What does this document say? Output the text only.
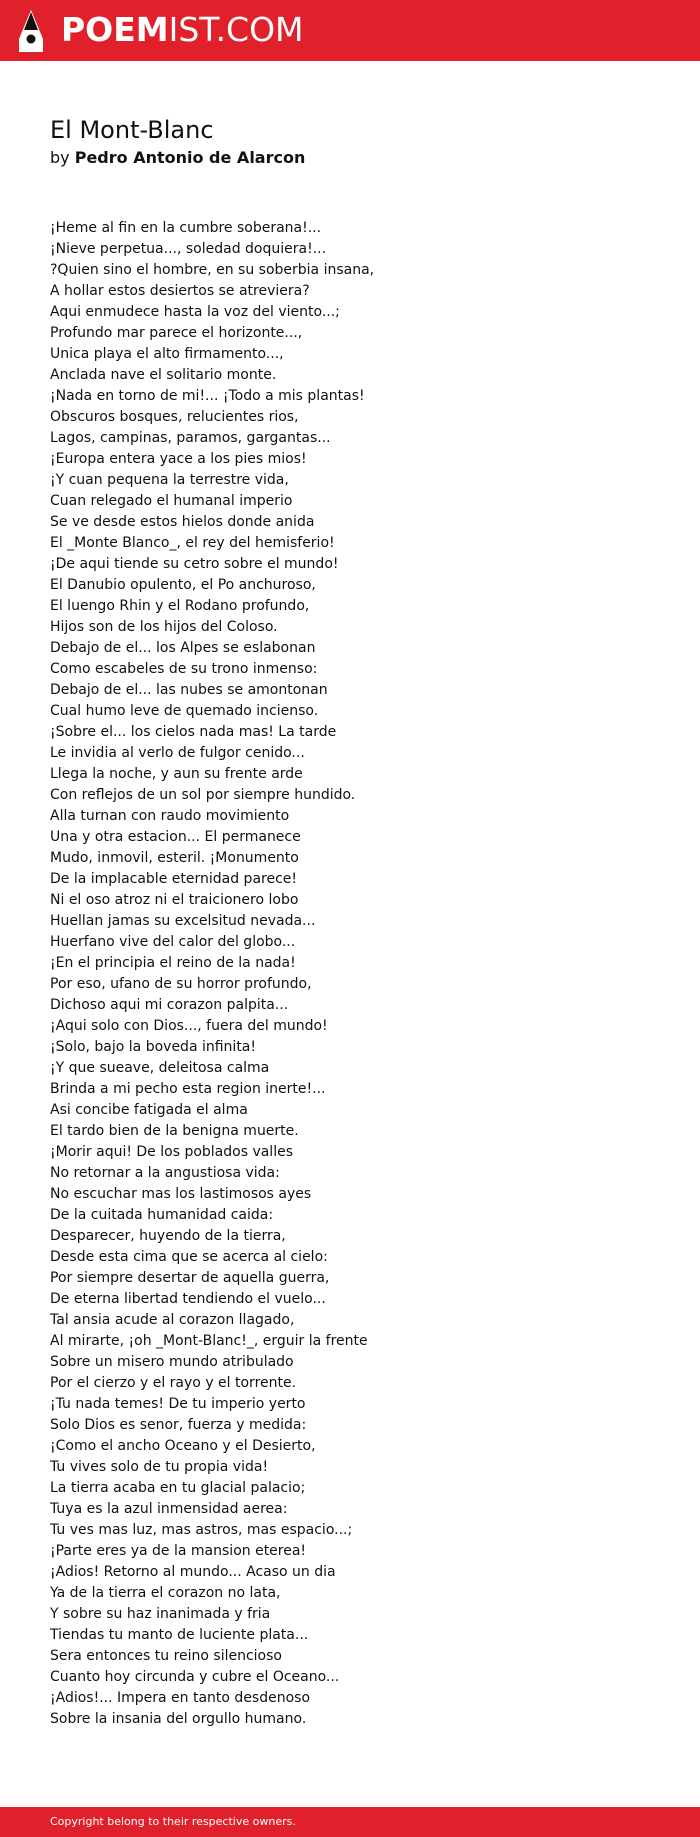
POEMIST.COM
El Mont-Blanc
by Pedro Antonio de Alarcon
¡Heme al fin en la cumbre soberana!...
¡Nieve perpetua..., soledad doquiera!...
?Quien sino el hombre, en su soberbia insana,
A hollar estos desiertos se atreviera?
Aqui enmudece hasta la voz del viento...;
Profundo mar parece el horizonte...,
Unica playa el alto firmamento...,
Anclada nave el solitario monte.
¡Nada en torno de mi!... ¡Todo a mis plantas!
Obscuros bosques, relucientes rios,
Lagos, campinas, paramos, gargantas...
¡Europa entera yace a los pies mios!
¡Y cuan pequena la terrestre vida,
Cuan relegado el humanal imperio
Se ve desde estos hielos donde anida
El _Monte Blanco_, el rey del hemisferio!
¡De aqui tiende su cetro sobre el mundo!
El Danubio opulento, el Po anchuroso,
El luengo Rhin y el Rodano profundo,
Hijos son de los hijos del Coloso.
Debajo de el... los Alpes se eslabonan
Como escabeles de su trono inmenso:
Debajo de el... las nubes se amontonan
Cual humo leve de quemado incienso.
¡Sobre el... los cielos nada mas! La tarde
Le invidia al verlo de fulgor cenido...
Llega la noche, y aun su frente arde
Con reflejos de un sol por siempre hundido.
Alla turnan con raudo movimiento
Una y otra estacion... El permanece
Mudo, inmovil, esteril. ¡Monumento
De la implacable eternidad parece!
Ni el oso atroz ni el traicionero lobo
Huellan jamas su excelsitud nevada...
Huerfano vive del calor del globo...
¡En el principia el reino de la nada!
Por eso, ufano de su horror profundo,
Dichoso aqui mi corazon palpita...
¡Aqui solo con Dios..., fuera del mundo!
¡Solo, bajo la boveda infinita!
¡Y que sueave, deleitosa calma
Brinda a mi pecho esta region inerte!...
Asi concibe fatigada el alma
El tardo bien de la benigna muerte.
¡Morir aqui! De los poblados valles
No retornar a la angustiosa vida:
No escuchar mas los lastimosos ayes
De la cuitada humanidad caida:
Desparecer, huyendo de la tierra,
Desde esta cima que se acerca al cielo:
Por siempre desertar de aquella guerra,
De eterna libertad tendiendo el vuelo...
Tal ansia acude al corazon llagado,
Al mirarte, ¡oh _Mont-Blanc!_, erguir la frente
Sobre un misero mundo atribulado
Por el cierzo y el rayo y el torrente.
¡Tu nada temes! De tu imperio yerto
Solo Dios es senor, fuerza y medida:
¡Como el ancho Oceano y el Desierto,
Tu vives solo de tu propia vida!
La tierra acaba en tu glacial palacio;
Tuya es la azul inmensidad aerea:
Tu ves mas luz, mas astros, mas espacio...;
¡Parte eres ya de la mansion eterea!
¡Adios! Retorno al mundo... Acaso un dia
Ya de la tierra el corazon no lata,
Y sobre su haz inanimada y fria
Tiendas tu manto de luciente plata...
Sera entonces tu reino silencioso
Cuanto hoy circunda y cubre el Oceano...
¡Adios!... Impera en tanto desdenoso
Sobre la insania del orgullo humano.
Copyright belong to their respective owners.
